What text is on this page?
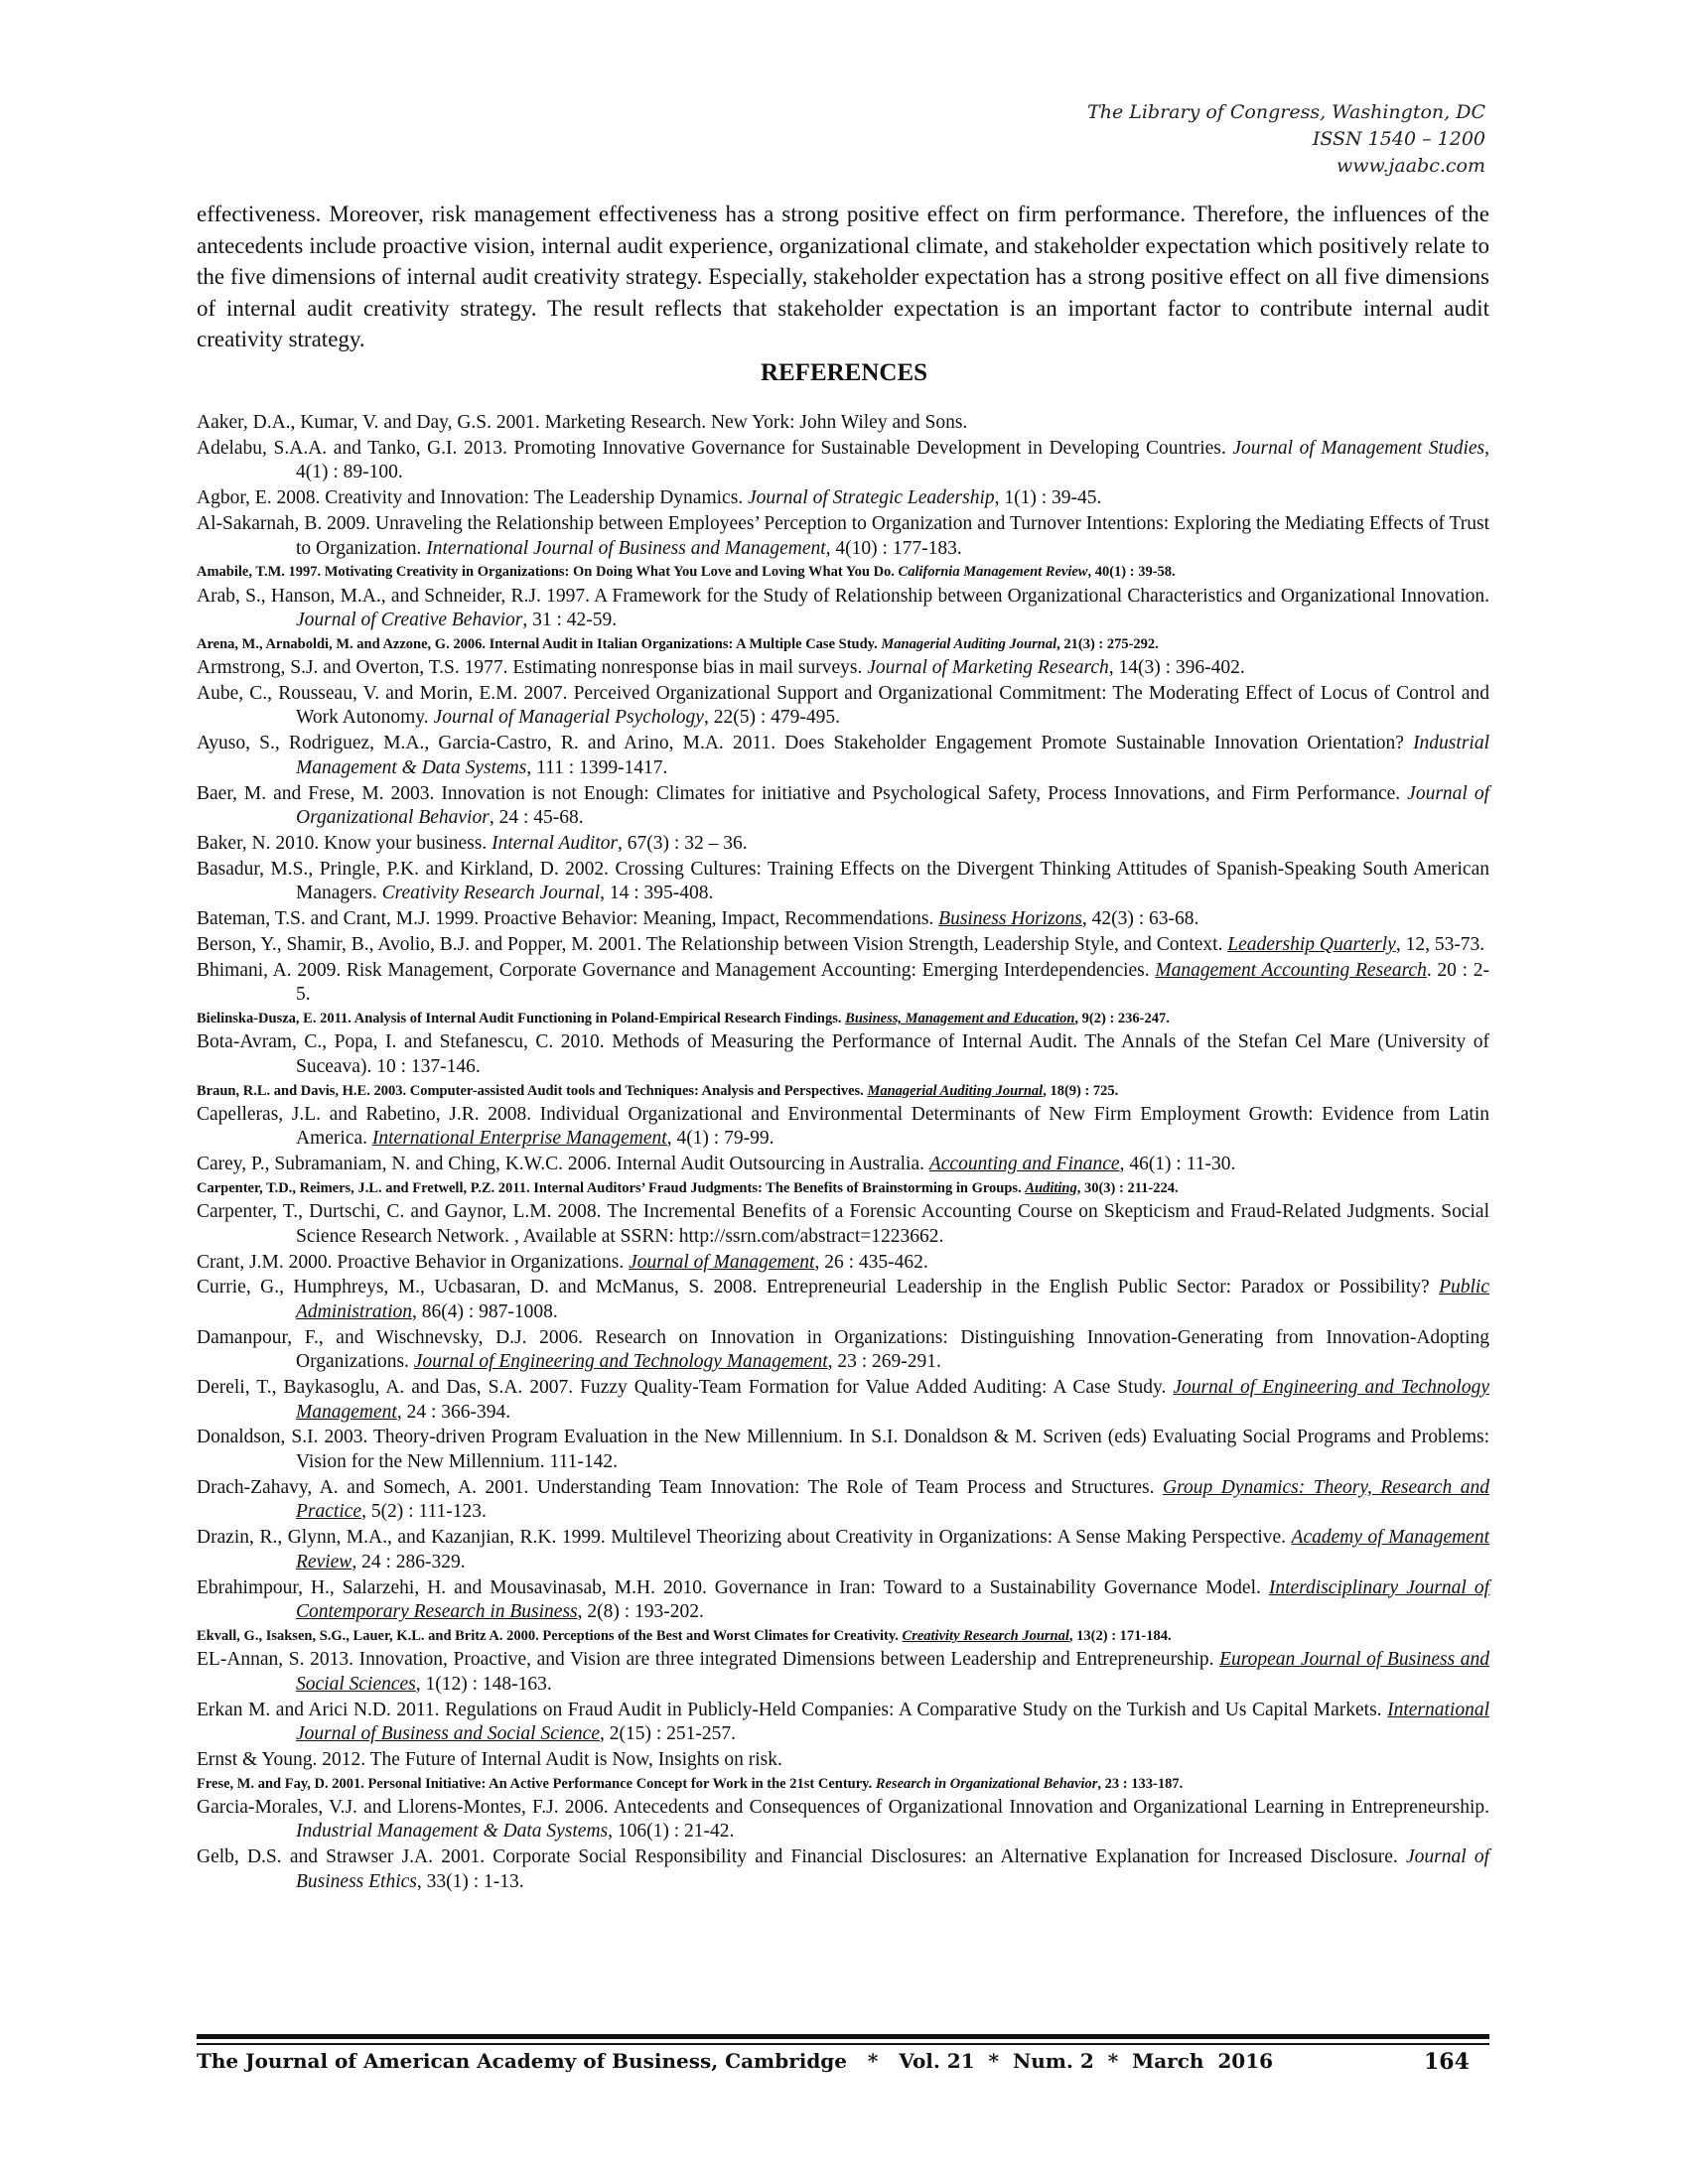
The Library of Congress, Washington, DC
ISSN 1540 – 1200
www.jaabc.com

effectiveness. Moreover, risk management effectiveness has a strong positive effect on firm performance. Therefore, the influences of the antecedents include proactive vision, internal audit experience, organizational climate, and stakeholder expectation which positively relate to the five dimensions of internal audit creativity strategy. Especially, stakeholder expectation has a strong positive effect on all five dimensions of internal audit creativity strategy. The result reflects that stakeholder expectation is an important factor to contribute internal audit creativity strategy.

REFERENCES
Aaker, D.A., Kumar, V. and Day, G.S. 2001. Marketing Research. New York: John Wiley and Sons.
Adelabu, S.A.A. and Tanko, G.I. 2013. Promoting Innovative Governance for Sustainable Development in Developing Countries. Journal of Management Studies, 4(1) : 89-100.
Agbor, E. 2008. Creativity and Innovation: The Leadership Dynamics. Journal of Strategic Leadership, 1(1) : 39-45.
Al-Sakarnah, B. 2009. Unraveling the Relationship between Employees’ Perception to Organization and Turnover Intentions: Exploring the Mediating Effects of Trust to Organization. International Journal of Business and Management, 4(10) : 177-183.
Amabile, T.M. 1997. Motivating Creativity in Organizations: On Doing What You Love and Loving What You Do. California Management Review, 40(1) : 39-58.
Arab, S., Hanson, M.A., and Schneider, R.J. 1997. A Framework for the Study of Relationship between Organizational Characteristics and Organizational Innovation. Journal of Creative Behavior, 31 : 42-59.
Arena, M., Arnaboldi, M. and Azzone, G. 2006. Internal Audit in Italian Organizations: A Multiple Case Study. Managerial Auditing Journal, 21(3) : 275-292.
Armstrong, S.J. and Overton, T.S. 1977. Estimating nonresponse bias in mail surveys. Journal of Marketing Research, 14(3) : 396-402.
Aube, C., Rousseau, V. and Morin, E.M. 2007. Perceived Organizational Support and Organizational Commitment: The Moderating Effect of Locus of Control and Work Autonomy. Journal of Managerial Psychology, 22(5) : 479-495.
Ayuso, S., Rodriguez, M.A., Garcia-Castro, R. and Arino, M.A. 2011. Does Stakeholder Engagement Promote Sustainable Innovation Orientation? Industrial Management & Data Systems, 111 : 1399-1417.
Baer, M. and Frese, M. 2003. Innovation is not Enough: Climates for initiative and Psychological Safety, Process Innovations, and Firm Performance. Journal of Organizational Behavior, 24 : 45-68.
Baker, N. 2010. Know your business. Internal Auditor, 67(3) : 32 – 36.
Basadur, M.S., Pringle, P.K. and Kirkland, D. 2002. Crossing Cultures: Training Effects on the Divergent Thinking Attitudes of Spanish-Speaking South American Managers. Creativity Research Journal, 14 : 395-408.
Bateman, T.S. and Crant, M.J. 1999. Proactive Behavior: Meaning, Impact, Recommendations. Business Horizons, 42(3) : 63-68.
Berson, Y., Shamir, B., Avolio, B.J. and Popper, M. 2001. The Relationship between Vision Strength, Leadership Style, and Context. Leadership Quarterly, 12, 53-73.
Bhimani, A. 2009. Risk Management, Corporate Governance and Management Accounting: Emerging Interdependencies. Management Accounting Research. 20 : 2-5.
Bielinska-Dusza, E. 2011. Analysis of Internal Audit Functioning in Poland-Empirical Research Findings. Business, Management and Education, 9(2) : 236-247.
Bota-Avram, C., Popa, I. and Stefanescu, C. 2010. Methods of Measuring the Performance of Internal Audit. The Annals of the Stefan Cel Mare (University of Suceava). 10 : 137-146.
Braun, R.L. and Davis, H.E. 2003. Computer-assisted Audit tools and Techniques: Analysis and Perspectives. Managerial Auditing Journal, 18(9) : 725.
Capelleras, J.L. and Rabetino, J.R. 2008. Individual Organizational and Environmental Determinants of New Firm Employment Growth: Evidence from Latin America. International Enterprise Management, 4(1) : 79-99.
Carey, P., Subramaniam, N. and Ching, K.W.C. 2006. Internal Audit Outsourcing in Australia. Accounting and Finance, 46(1) : 11-30.
Carpenter, T.D., Reimers, J.L. and Fretwell, P.Z. 2011. Internal Auditors’ Fraud Judgments: The Benefits of Brainstorming in Groups. Auditing, 30(3) : 211-224.
Carpenter, T., Durtschi, C. and Gaynor, L.M. 2008. The Incremental Benefits of a Forensic Accounting Course on Skepticism and Fraud-Related Judgments. Social Science Research Network. , Available at SSRN: http://ssrn.com/abstract=1223662.
Crant, J.M. 2000. Proactive Behavior in Organizations. Journal of Management, 26 : 435-462.
Currie, G., Humphreys, M., Ucbasaran, D. and McManus, S. 2008. Entrepreneurial Leadership in the English Public Sector: Paradox or Possibility? Public Administration, 86(4) : 987-1008.
Damanpour, F., and Wischnevsky, D.J. 2006. Research on Innovation in Organizations: Distinguishing Innovation-Generating from Innovation-Adopting Organizations. Journal of Engineering and Technology Management, 23 : 269-291.
Dereli, T., Baykasoglu, A. and Das, S.A. 2007. Fuzzy Quality-Team Formation for Value Added Auditing: A Case Study. Journal of Engineering and Technology Management, 24 : 366-394.
Donaldson, S.I. 2003. Theory-driven Program Evaluation in the New Millennium. In S.I. Donaldson & M. Scriven (eds) Evaluating Social Programs and Problems: Vision for the New Millennium. 111-142.
Drach-Zahavy, A. and Somech, A. 2001. Understanding Team Innovation: The Role of Team Process and Structures. Group Dynamics: Theory, Research and Practice, 5(2) : 111-123.
Drazin, R., Glynn, M.A., and Kazanjian, R.K. 1999. Multilevel Theorizing about Creativity in Organizations: A Sense Making Perspective. Academy of Management Review, 24 : 286-329.
Ebrahimpour, H., Salarzehi, H. and Mousavinasab, M.H. 2010. Governance in Iran: Toward to a Sustainability Governance Model. Interdisciplinary Journal of Contemporary Research in Business, 2(8) : 193-202.
Ekvall, G., Isaksen, S.G., Lauer, K.L. and Britz A. 2000. Perceptions of the Best and Worst Climates for Creativity. Creativity Research Journal, 13(2) : 171-184.
EL-Annan, S. 2013. Innovation, Proactive, and Vision are three integrated Dimensions between Leadership and Entrepreneurship. European Journal of Business and Social Sciences, 1(12) : 148-163.
Erkan M. and Arici N.D. 2011. Regulations on Fraud Audit in Publicly-Held Companies: A Comparative Study on the Turkish and Us Capital Markets. International Journal of Business and Social Science, 2(15) : 251-257.
Ernst & Young. 2012. The Future of Internal Audit is Now, Insights on risk.
Frese, M. and Fay, D. 2001. Personal Initiative: An Active Performance Concept for Work in the 21st Century. Research in Organizational Behavior, 23 : 133-187.
Garcia-Morales, V.J. and Llorens-Montes, F.J. 2006. Antecedents and Consequences of Organizational Innovation and Organizational Learning in Entrepreneurship. Industrial Management & Data Systems, 106(1) : 21-42.
Gelb, D.S. and Strawser J.A. 2001. Corporate Social Responsibility and Financial Disclosures: an Alternative Explanation for Increased Disclosure. Journal of Business Ethics, 33(1) : 1-13.
The Journal of American Academy of Business, Cambridge   *   Vol. 21  *  Num. 2  *  March  2016	164
